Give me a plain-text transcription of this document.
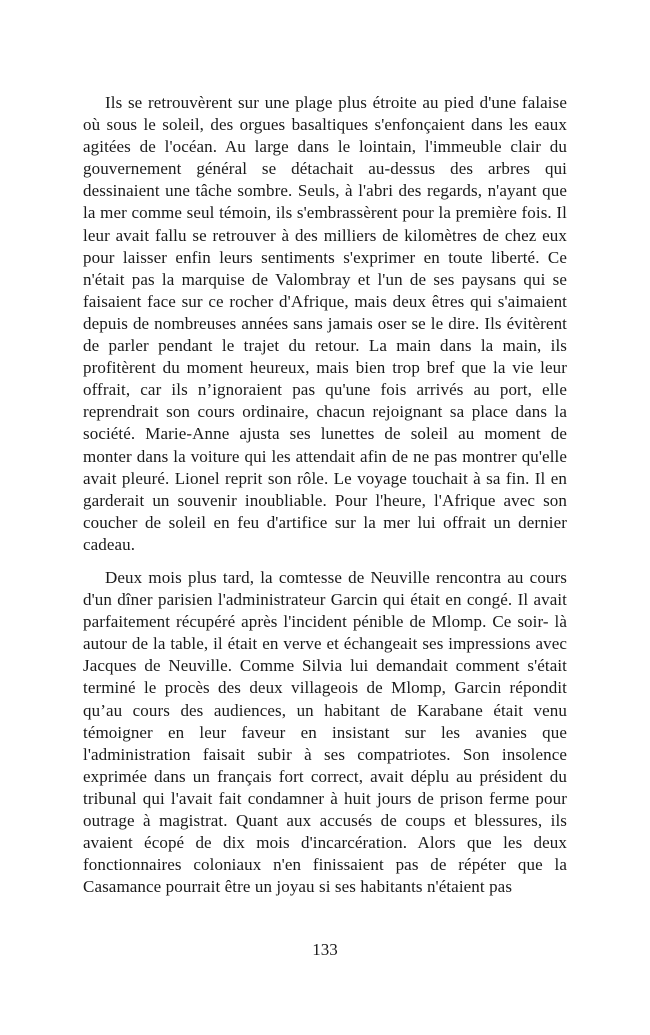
Ils se retrouvèrent sur une plage plus étroite au pied d'une falaise où sous le soleil, des orgues basaltiques s'enfonçaient dans les eaux agitées de l'océan. Au large dans le lointain, l'immeuble clair du gouvernement général se détachait au-dessus des arbres qui dessinaient une tâche sombre. Seuls, à l'abri des regards, n'ayant que la mer comme seul témoin, ils s'embrassèrent pour la première fois. Il leur avait fallu se retrouver à des milliers de kilomètres de chez eux pour laisser enfin leurs sentiments s'exprimer en toute liberté. Ce n'était pas la marquise de Valombray et l'un de ses paysans qui se faisaient face sur ce rocher d'Afrique, mais deux êtres qui s'aimaient depuis de nombreuses années sans jamais oser se le dire. Ils évitèrent de parler pendant le trajet du retour. La main dans la main, ils profitèrent du moment heureux, mais bien trop bref que la vie leur offrait, car ils n’ignoraient pas qu'une fois arrivés au port, elle reprendrait son cours ordinaire, chacun rejoignant sa place dans la société. Marie-Anne ajusta ses lunettes de soleil au moment de monter dans la voiture qui les attendait afin de ne pas montrer qu'elle avait pleuré. Lionel reprit son rôle. Le voyage touchait à sa fin. Il en garderait un souvenir inoubliable. Pour l'heure, l'Afrique avec son coucher de soleil en feu d'artifice sur la mer lui offrait un dernier cadeau.

Deux mois plus tard, la comtesse de Neuville rencontra au cours d'un dîner parisien l'administrateur Garcin qui était en congé. Il avait parfaitement récupéré après l'incident pénible de Mlomp. Ce soir- là autour de la table, il était en verve et échangeait ses impressions avec Jacques de Neuville. Comme Silvia lui demandait comment s'était terminé le procès des deux villageois de Mlomp, Garcin répondit qu’au cours des audiences, un habitant de Karabane était venu témoigner en leur faveur en insistant sur les avanies que l'administration faisait subir à ses compatriotes. Son insolence exprimée dans un français fort correct, avait déplu au président du tribunal qui l'avait fait condamner à huit jours de prison ferme pour outrage à magistrat. Quant aux accusés de coups et blessures, ils avaient écopé de dix mois d'incarcération. Alors que les deux fonctionnaires coloniaux n'en finissaient pas de répéter que la Casamance pourrait être un joyau si ses habitants n'étaient pas

133
